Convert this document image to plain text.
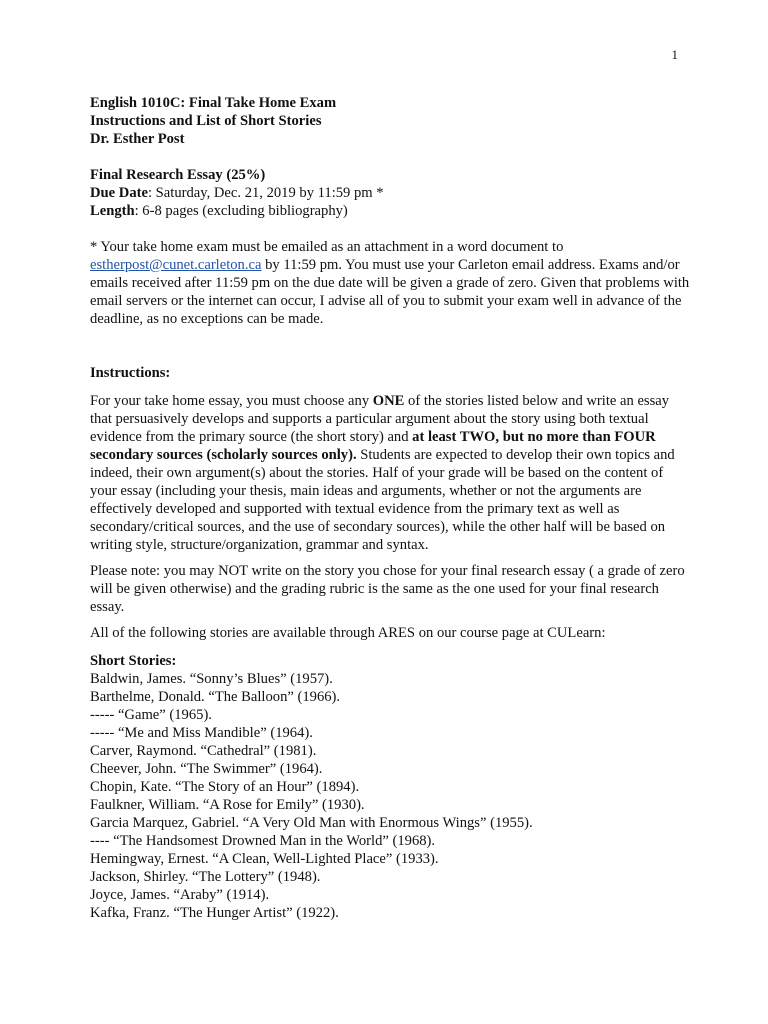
1

English 1010C: Final Take Home Exam

Instructions and List of Short Stories

Dr. Esther Post

Final Research Essay (25%)

Due Date: Saturday, Dec. 21, 2019 by 11:59 pm *

Length: 6-8 pages (excluding bibliography)

* Your take home exam must be emailed as an attachment in a word document to estherpost@cunet.carleton.ca by 11:59 pm. You must use your Carleton email address. Exams and/or emails received after 11:59 pm on the due date will be given a grade of zero. Given that problems with email servers or the internet can occur, I advise all of you to submit your exam well in advance of the deadline, as no exceptions can be made.

Instructions:

For your take home essay, you must choose any ONE of the stories listed below and write an essay that persuasively develops and supports a particular argument about the story using both textual evidence from the primary source (the short story) and at least TWO, but no more than FOUR secondary sources (scholarly sources only). Students are expected to develop their own topics and indeed, their own argument(s) about the stories. Half of your grade will be based on the content of your essay (including your thesis, main ideas and arguments, whether or not the arguments are effectively developed and supported with textual evidence from the primary text as well as secondary/critical sources, and the use of secondary sources), while the other half will be based on writing style, structure/organization, grammar and syntax.

Please note: you may NOT write on the story you chose for your final research essay ( a grade of zero will be given otherwise) and the grading rubric is the same as the one used for your final research essay.

All of the following stories are available through ARES on our course page at CULearn:

Short Stories:

Baldwin, James. “Sonny’s Blues” (1957).
Barthelme, Donald. “The Balloon” (1966).
----- “Game” (1965).
----- “Me and Miss Mandible” (1964).
Carver, Raymond. “Cathedral” (1981).
Cheever, John. “The Swimmer” (1964).
Chopin, Kate. “The Story of an Hour” (1894).
Faulkner, William. “A Rose for Emily” (1930).
Garcia Marquez, Gabriel. “A Very Old Man with Enormous Wings” (1955).
---- “The Handsomest Drowned Man in the World” (1968).
Hemingway, Ernest. “A Clean, Well-Lighted Place” (1933).
Jackson, Shirley. “The Lottery” (1948).
Joyce, James. “Araby” (1914).
Kafka, Franz. “The Hunger Artist” (1922).
